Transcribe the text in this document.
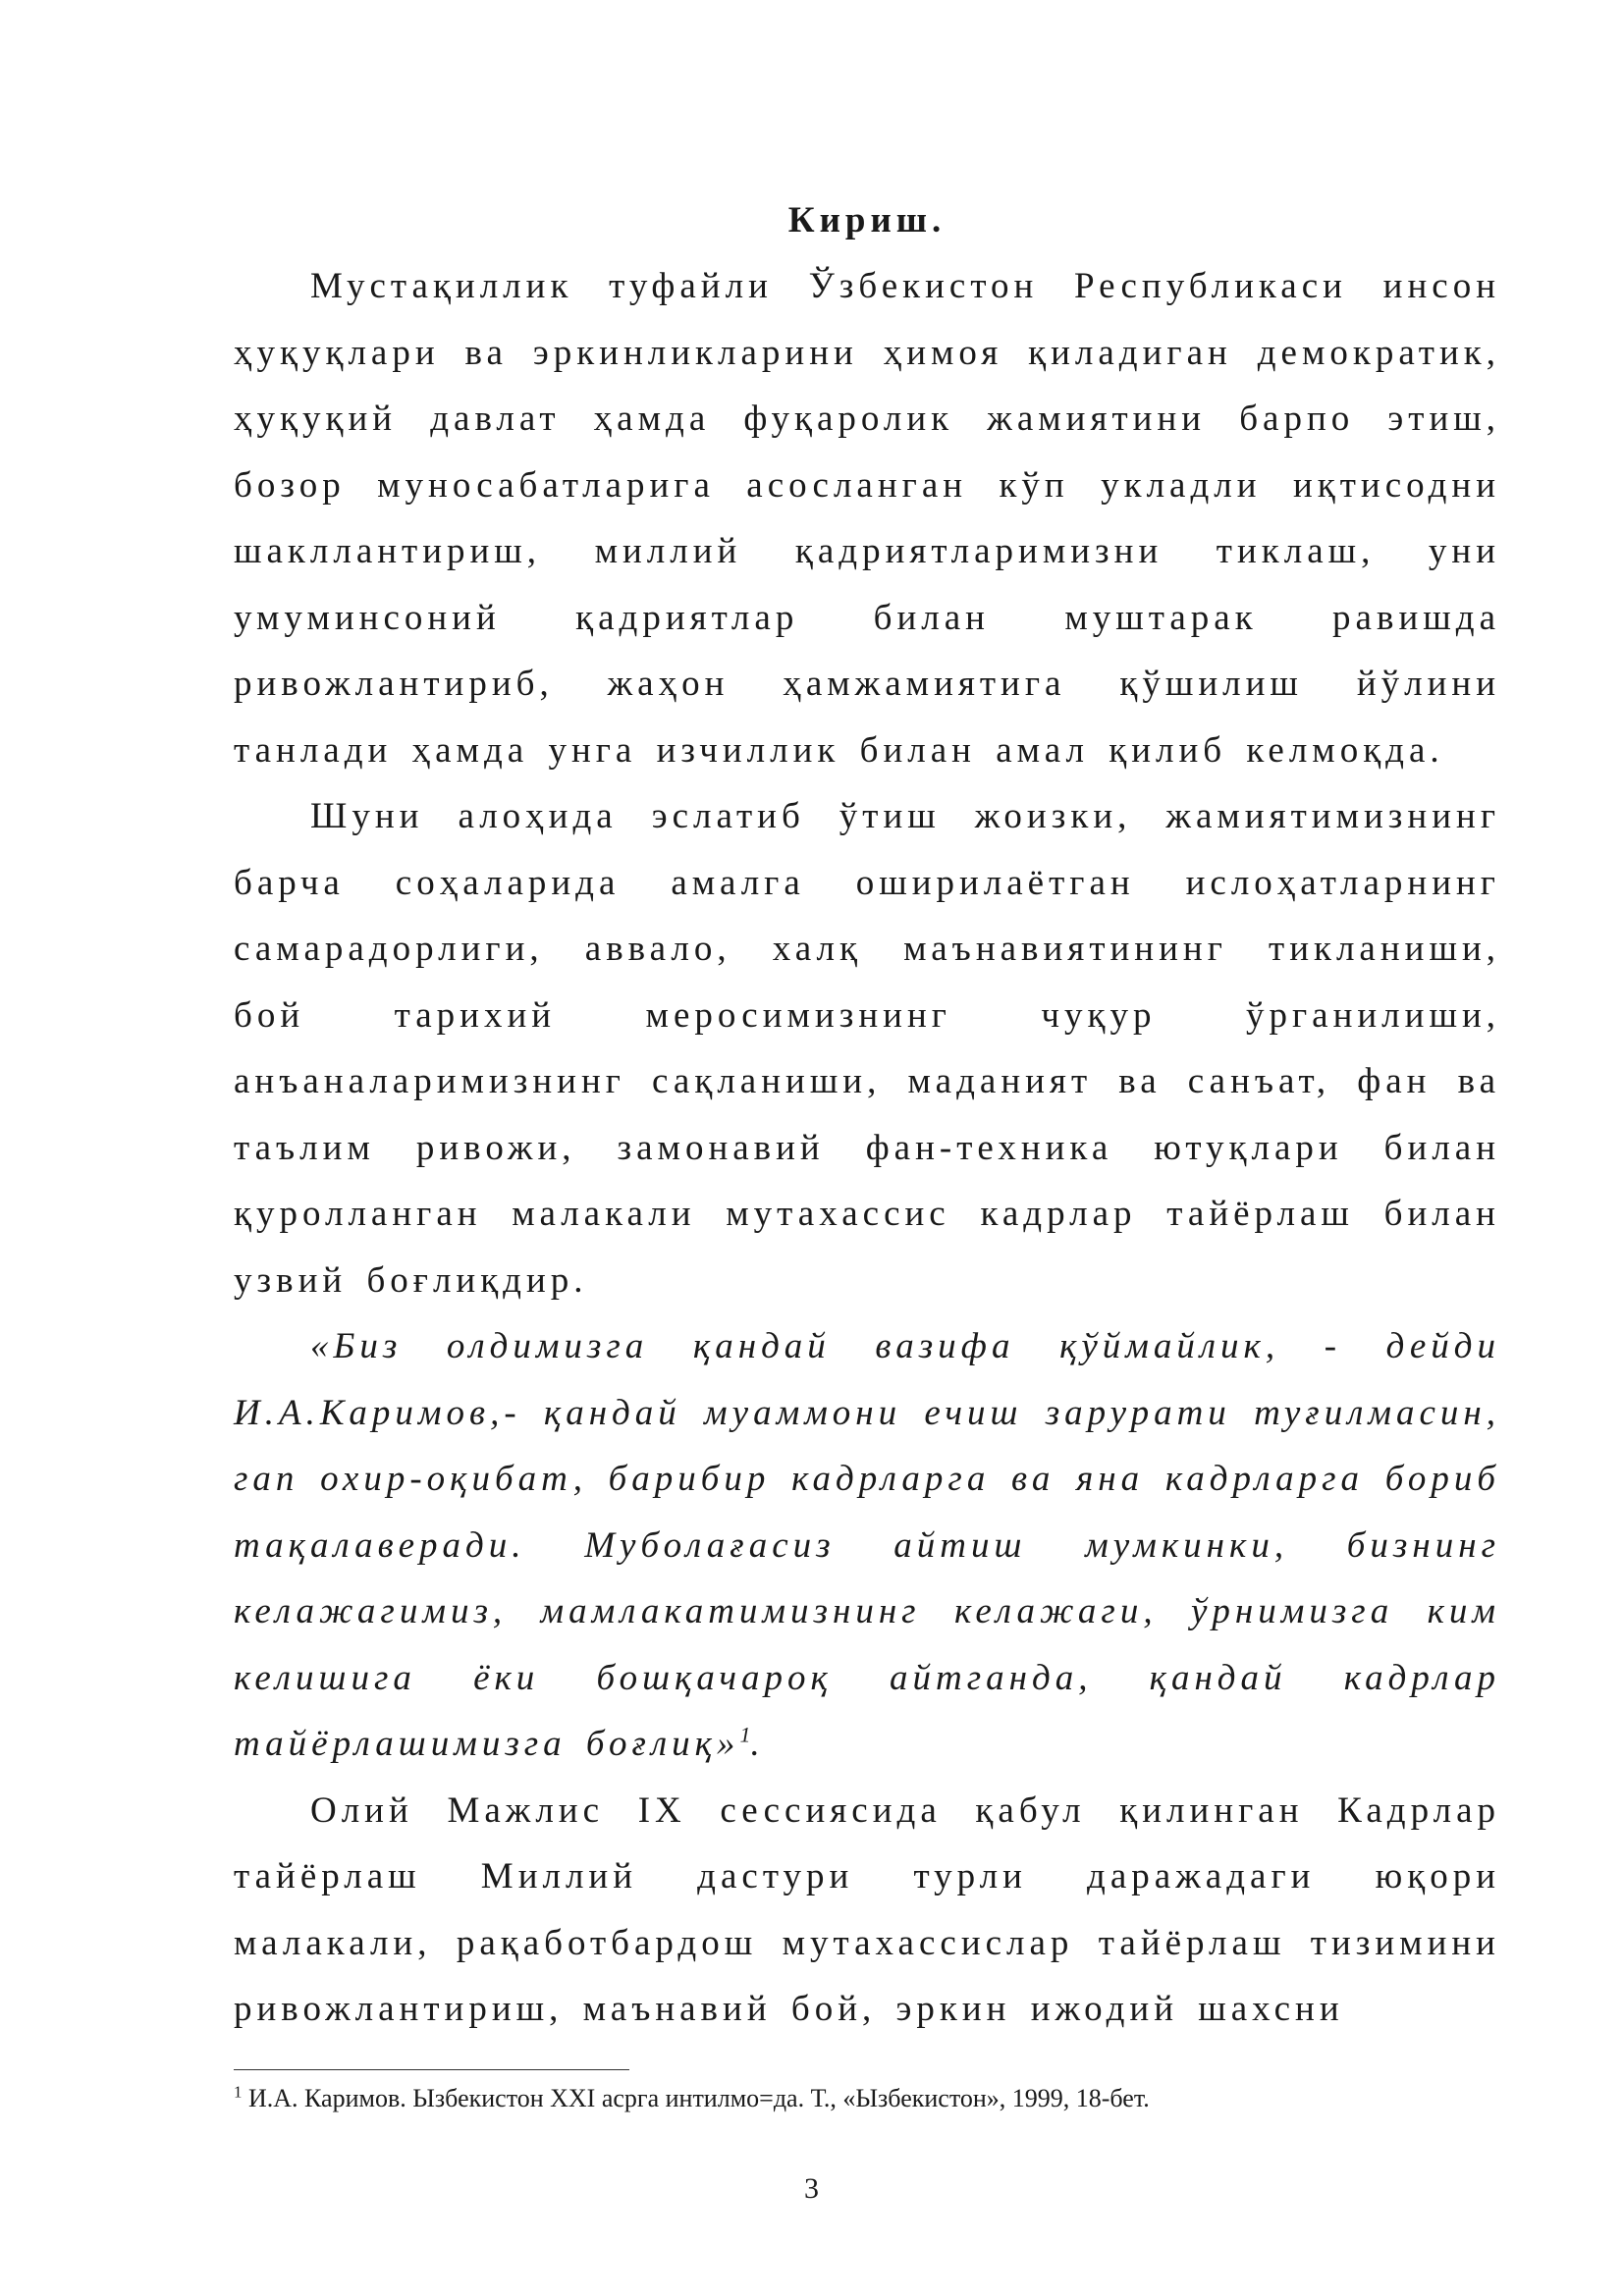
Кириш.

Мустақиллик туфайли Ўзбекистон Республикаси инсон ҳуқуқлари ва эркинликларини ҳимоя қиладиган демократик, ҳуқуқий давлат ҳамда фуқаролик жамиятини барпо этиш, бозор муносабатларига асосланган кўп укладли иқтисодни шакллантириш, миллий қадриятларимизни тиклаш, уни умуминсоний қадриятлар билан муштарак равишда ривожлантириб, жаҳон ҳамжамиятига қўшилиш йўлини танлади ҳамда унга изчиллик билан амал қилиб келмоқда.

Шуни алоҳида эслатиб ўтиш жоизки, жамиятимизнинг барча соҳаларида амалга оширилаётган ислоҳатларнинг самарадорлиги, аввало, халқ маънавиятининг тикланиши, бой тарихий меросимизнинг чуқур ўрганилиши, анъаналаримизнинг сақланиши, маданият ва санъат, фан ва таълим ривожи, замонавий фан-техника ютуқлари билан қуролланган малакали мутахассис кадрлар тайёрлаш билан узвий боғлиқдир.

«Биз олдимизга қандай вазифа қўймайлик, - дейди И.А.Каримов,- қандай муаммони ечиш зарурати туғилмасин, гап охир-оқибат, барибир кадрларга ва яна кадрларга бориб тақалаверади. Муболағасиз айтиш мумкинки, бизнинг келажагимиз, мамлакатимизнинг келажаги, ўрнимизга ким келишига ёки бошқачароқ айтганда, қандай кадрлар тайёрлашимизга боғлиқ»$^1$.

Олий Мажлис IX сессиясида қабул қилинган Кадрлар тайёрлаш Миллий дастури турли даражадаги юқори малакали, рақаботбардош мутахассислар тайёрлаш тизимини ривожлантириш, маънавий бой, эркин ижодий шахсни

$^1$ И.А. Каримов. Ызбекистон XXI асрга интилмо=да. Т., «Ызбекистон», 1999, 18-бет.
3
